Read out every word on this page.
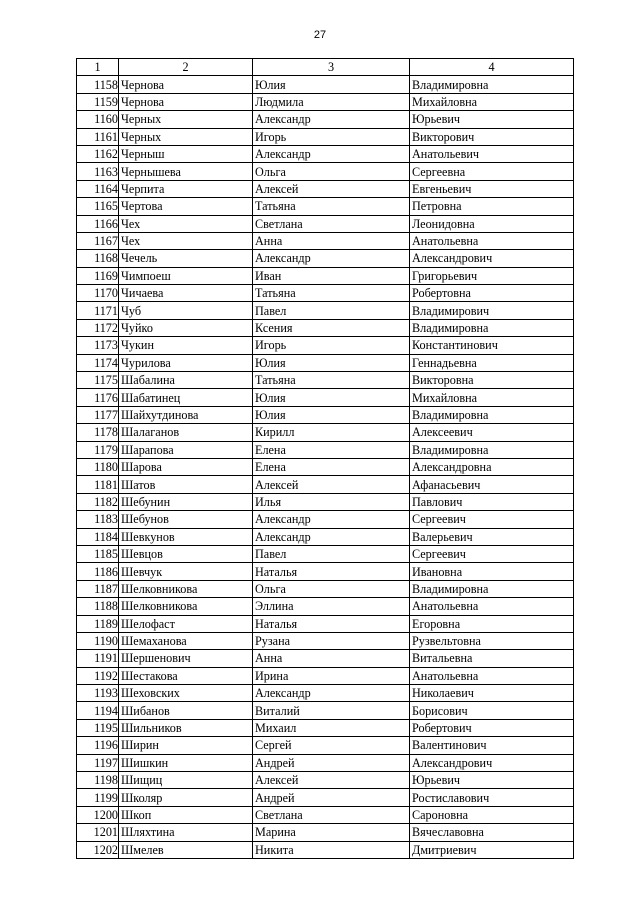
27
1	2	3	4
1158	Чернова	Юлия	Владимировна
1159	Чернова	Людмила	Михайловна
1160	Черных	Александр	Юрьевич
1161	Черных	Игорь	Викторович
1162	Черныш	Александр	Анатольевич
1163	Чернышева	Ольга	Сергеевна
1164	Черпита	Алексей	Евгеньевич
1165	Чертова	Татьяна	Петровна
1166	Чех	Светлана	Леонидовна
1167	Чех	Анна	Анатольевна
1168	Чечель	Александр	Александрович
1169	Чимпоеш	Иван	Григорьевич
1170	Чичаева	Татьяна	Робертовна
1171	Чуб	Павел	Владимирович
1172	Чуйко	Ксения	Владимировна
1173	Чукин	Игорь	Константинович
1174	Чурилова	Юлия	Геннадьевна
1175	Шабалина	Татьяна	Викторовна
1176	Шабатинец	Юлия	Михайловна
1177	Шайхутдинова	Юлия	Владимировна
1178	Шалаганов	Кирилл	Алексеевич
1179	Шарапова	Елена	Владимировна
1180	Шарова	Елена	Александровна
1181	Шатов	Алексей	Афанасьевич
1182	Шебунин	Илья	Павлович
1183	Шебунов	Александр	Сергеевич
1184	Шевкунов	Александр	Валерьевич
1185	Шевцов	Павел	Сергеевич
1186	Шевчук	Наталья	Ивановна
1187	Шелковникова	Ольга	Владимировна
1188	Шелковникова	Эллина	Анатольевна
1189	Шелофаст	Наталья	Егоровна
1190	Шемаханова	Рузана	Рузвельтовна
1191	Шершенович	Анна	Витальевна
1192	Шестакова	Ирина	Анатольевна
1193	Шеховских	Александр	Николаевич
1194	Шибанов	Виталий	Борисович
1195	Шильников	Михаил	Робертович
1196	Ширин	Сергей	Валентинович
1197	Шишкин	Андрей	Александрович
1198	Шищиц	Алексей	Юрьевич
1199	Школяр	Андрей	Ростиславович
1200	Шкоп	Светлана	Сароновна
1201	Шляхтина	Марина	Вячеславовна
1202	Шмелев	Никита	Дмитриевич
